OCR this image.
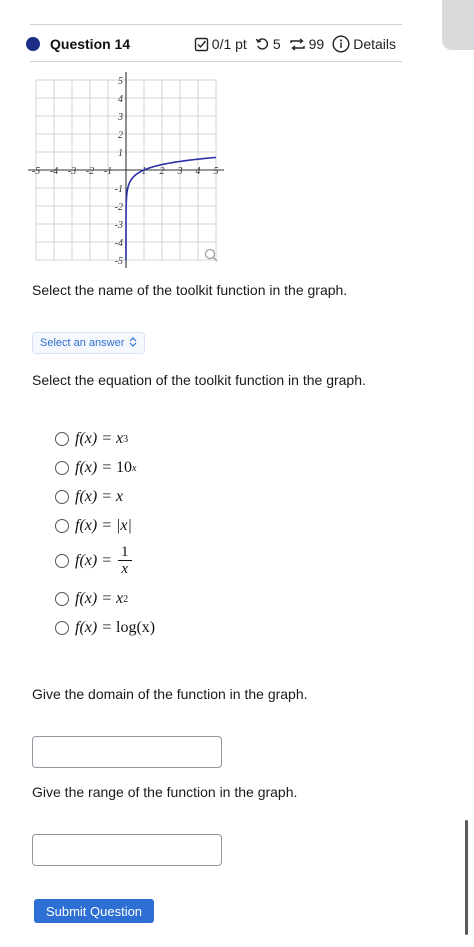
Question 14	0/1 pt 5 99 Details
-5 -4 -3 -2 -1	1 2 3 4 5
5
4
3
2
1
-1
-2
-3
-4
-5
Select the name of the toolkit function in the graph.
Select an answer
Select the equation of the toolkit function in the graph.
f(x) =
x 3
f(x) =
10 x
f(x) =
x
f(x) =
|x|
$f(x) = \frac{1}{x}$
f(x) =
x 2
f(x) =
log(x)
Give the domain of the function in the graph.
Give the range of the function in the graph.
Submit Question
